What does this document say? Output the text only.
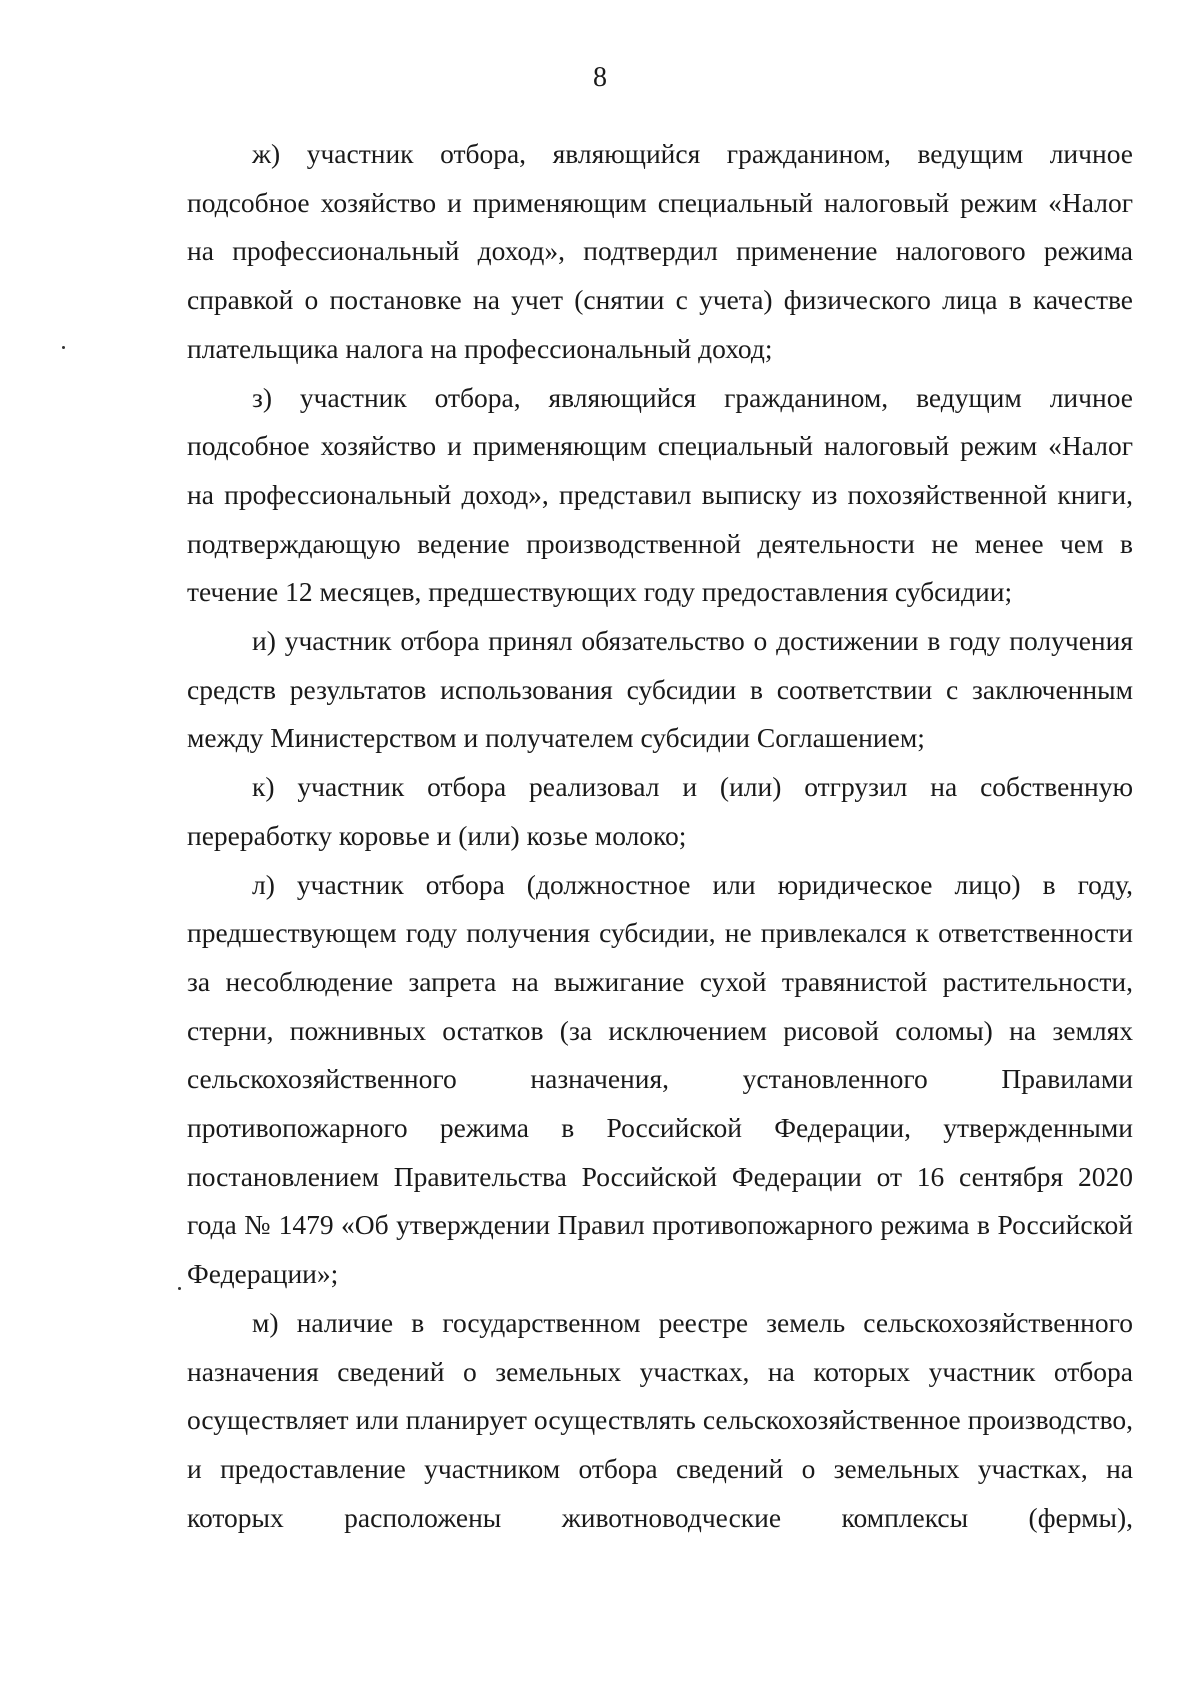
8

ж) участник отбора, являющийся гражданином, ведущим личное подсобное хозяйство и применяющим специальный налоговый режим «Налог на профессиональный доход», подтвердил применение налогового режима справкой о постановке на учет (снятии с учета) физического лица в качестве плательщика налога на профессиональный доход;

з) участник отбора, являющийся гражданином, ведущим личное подсобное хозяйство и применяющим специальный налоговый режим «Налог на профессиональный доход», представил выписку из похозяйственной книги, подтверждающую ведение производственной деятельности не менее чем в течение 12 месяцев, предшествующих году предоставления субсидии;

и) участник отбора принял обязательство о достижении в году получения средств результатов использования субсидии в соответствии с заключенным между Министерством и получателем субсидии Соглашением;

к) участник отбора реализовал и (или) отгрузил на собственную переработку коровье и (или) козье молоко;

л) участник отбора (должностное или юридическое лицо) в году, предшествующем году получения субсидии, не привлекался к ответственности за несоблюдение запрета на выжигание сухой травянистой растительности, стерни, пожнивных остатков (за исключением рисовой соломы) на землях сельскохозяйственного назначения, установленного Правилами противопожарного режима в Российской Федерации, утвержденными постановлением Правительства Российской Федерации от 16 сентября 2020 года № 1479 «Об утверждении Правил противопожарного режима в Российской Федерации»;

м) наличие в государственном реестре земель сельскохозяйственного назначения сведений о земельных участках, на которых участник отбора осуществляет или планирует осуществлять сельскохозяйственное производство, и предоставление участником отбора сведений о земельных участках, на которых расположены животноводческие комплексы (фермы),
